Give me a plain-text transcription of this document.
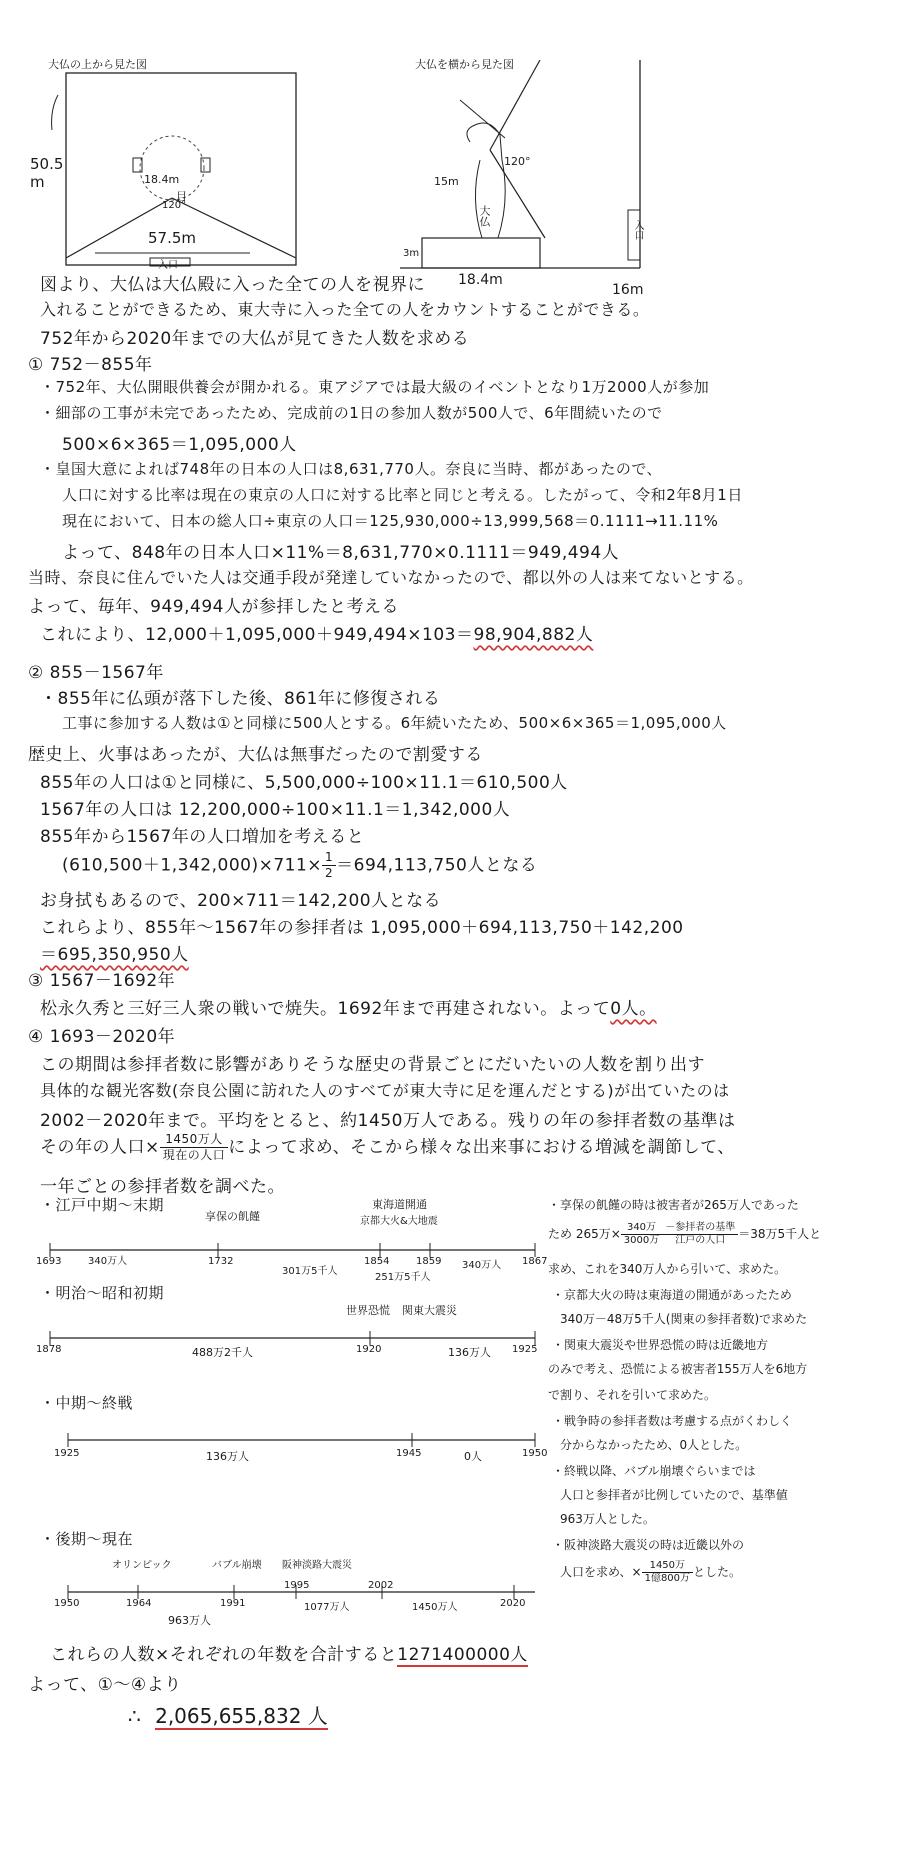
大仏の上から見た図
50.5
m	18.4m
目
120°
57.5m
入口
大仏を横から見た図
120°
15m
大仏
3m
18.4m
16m
入口
図より、大仏は大仏殿に入った全ての人を視界に
入れることができるため、東大寺に入った全ての人をカウントすることができる。
752年から2020年までの大仏が見てきた人数を求める
① 752－855年
・752年、大仏開眼供養会が開かれる。東アジアでは最大級のイベントとなり1万2000人が参加
・細部の工事が未完であったため、完成前の1日の参加人数が500人で、6年間続いたので
500×6×365＝1,095,000人
・皇国大意によれば748年の日本の人口は8,631,770人。奈良に当時、都があったので、
人口に対する比率は現在の東京の人口に対する比率と同じと考える。したがって、令和2年8月1日
現在において、日本の総人口÷東京の人口＝125,930,000÷13,999,568＝0.1111→11.11%
よって、848年の日本人口×11%＝8,631,770×0.1111＝949,494人
当時、奈良に住んでいた人は交通手段が発達していなかったので、都以外の人は来てないとする。
よって、毎年、949,494人が参拝したと考える
これにより、12,000＋1,095,000＋949,494×103＝98,904,882人
② 855－1567年
・855年に仏頭が落下した後、861年に修復される
工事に参加する人数は①と同様に500人とする。6年続いたため、500×6×365＝1,095,000人
歴史上、火事はあったが、大仏は無事だったので割愛する
855年の人口は①と同様に、5,500,000÷100×11.1＝610,500人
1567年の人口は 12,200,000÷100×11.1＝1,342,000人
855年から1567年の人口増加を考えると
$(610,500+1,342,000)\times 711\times \frac{1}{2} =694,113,750$人となる
お身拭もあるので、200×711＝142,200人となる
これらより、855年～1567年の参拝者は 1,095,000＋694,113,750＋142,200
＝695,350,950人
③ 1567－1692年
松永久秀と三好三人衆の戦いで焼失。1692年まで再建されない。よって0人。
④ 1693－2020年
この期間は参拝者数に影響がありそうな歴史の背景ごとにだいたいの人数を割り出す
具体的な観光客数(奈良公園に訪れた人のすべてが東大寺に足を運んだとする)が出ていたのは
2002－2020年まで。平均をとると、約1450万人である。残りの年の参拝者数の基準は
その年の人口× $\frac{\text{1450万人}}{\text{現在の人口}}$ によって求め、そこから様々な出来事における増減を調節して、
一年ごとの参拝者数を調べた。
・江戸中期～末期
享保の飢饉
東海道開通
京都大火&大地震
1693	340万人	1732
301万5千人
1854	1859
251万5千人
340万人 1867
・明治～昭和初期
世界恐慌 関東大震災
1878	488万2千人	1920	136万人 1925
・中期～終戦
1925	136万人	1945	0人	1950
・後期～現在
オリンピック	バブル崩壊 阪神淡路大震災
1950	1964
963万人
1991
1995
1077万人
2002
1450万人	2020
・享保の飢饉の時は被害者が265万人であった
ため 265万× $\frac{\text{340万}}{\text{3000万}} \frac{\text{－参拝者の基準}}{\text{江戸の人口}} =38$万5千人と
求め、これを340万人から引いて、求めた。
・京都大火の時は東海道の開通があったため
340万－48万5千人(関東の参拝者数)で求めた
・関東大震災や世界恐慌の時は近畿地方
のみで考え、恐慌による被害者155万人を6地方
で割り、それを引いて求めた。
・戦争時の参拝者数は考慮する点がくわしく
分からなかったため、0人とした。
・終戦以降、バブル崩壊ぐらいまでは
人口と参拝者が比例していたので、基準値
963万人とした。
・阪神淡路大震災の時は近畿以外の
人口を求め、× $\frac{\text{1450万}}{\text{1億800万}}$ とした。
これらの人数×それぞれの年数を合計すると1271400000人
よって、①～④より
∴ 2,065,655,832 人
